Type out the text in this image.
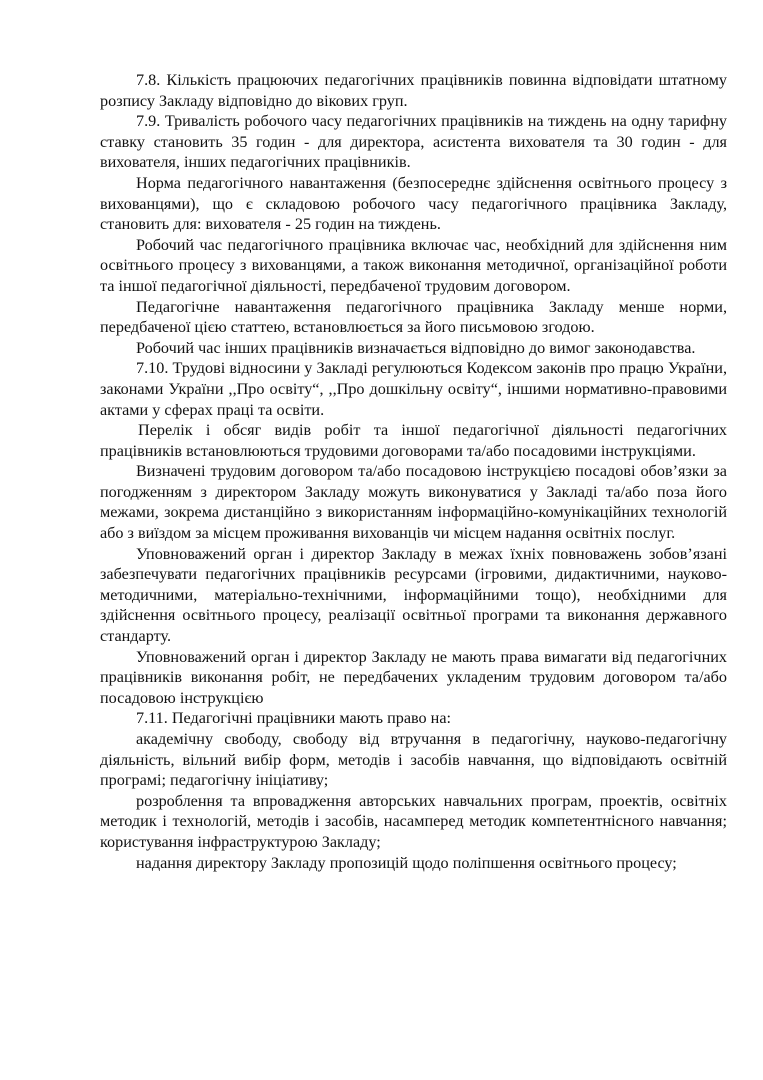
7.8. Кількість працюючих педагогічних працівників повинна відповідати штатному розпису Закладу відповідно до вікових груп.

7.9. Тривалість робочого часу педагогічних працівників на тиждень на одну тарифну ставку становить 35 годин - для директора, асистента вихователя та 30 годин - для вихователя, інших педагогічних працівників.

Норма педагогічного навантаження (безпосереднє здійснення освітнього процесу з вихованцями), що є складовою робочого часу педагогічного працівника Закладу, становить для: вихователя - 25 годин на тиждень.

Робочий час педагогічного працівника включає час, необхідний для здійснення ним освітнього процесу з вихованцями, а також виконання методичної, організаційної роботи та іншої педагогічної діяльності, передбаченої трудовим договором.

Педагогічне навантаження педагогічного працівника Закладу менше норми, передбаченої цією статтею, встановлюється за його письмовою згодою.

Робочий час інших працівників визначається відповідно до вимог законодавства.

7.10. Трудові відносини у Закладі регулюються Кодексом законів про працю України, законами України ,,Про освіту“, ,,Про дошкільну освіту“, іншими нормативно-правовими актами у сферах праці та освіти.

Перелік і обсяг видів робіт та іншої педагогічної діяльності педагогічних працівників встановлюються трудовими договорами та/або посадовими інструкціями.

Визначені трудовим договором та/або посадовою інструкцією посадові обов’язки за погодженням з директором Закладу можуть виконуватися у Закладі та/або поза його межами, зокрема дистанційно з використанням інформаційно-комунікаційних технологій або з виїздом за місцем проживання вихованців чи місцем надання освітніх послуг.

Уповноважений орган і директор Закладу в межах їхніх повноважень зобов’язані забезпечувати педагогічних працівників ресурсами (ігровими, дидактичними, науково-методичними, матеріально-технічними, інформаційними тощо), необхідними для здійснення освітнього процесу, реалізації освітньої програми та виконання державного стандарту.

Уповноважений орган і директор Закладу не мають права вимагати від педагогічних працівників виконання робіт, не передбачених укладеним трудовим договором та/або посадовою інструкцією

7.11. Педагогічні працівники мають право на:

академічну свободу, свободу від втручання в педагогічну, науково-педагогічну діяльність, вільний вибір форм, методів і засобів навчання, що відповідають освітній програмі; педагогічну ініціативу;

розроблення та впровадження авторських навчальних програм, проектів, освітніх методик і технологій, методів і засобів, насамперед методик компетентнісного навчання; користування інфраструктурою Закладу;

надання директору Закладу пропозицій щодо поліпшення освітнього процесу;
